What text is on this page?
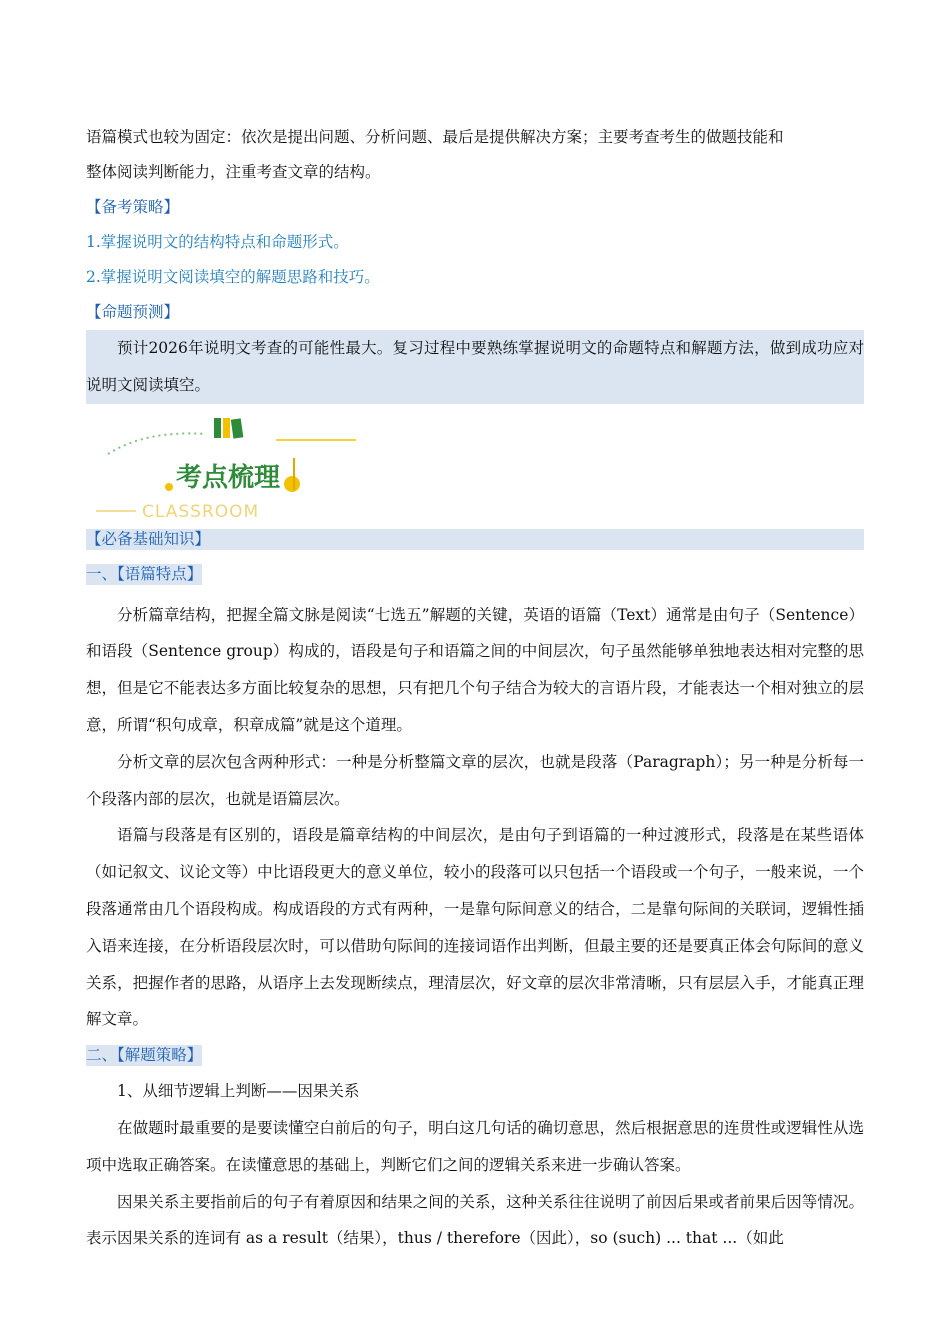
语篇模式也较为固定：依次是提出问题、分析问题、最后是提供解决方案；主要考查考生的做题技能和
整体阅读判断能力，注重考查文章的结构。
【备考策略】
1.掌握说明文的结构特点和命题形式。
2.掌握说明文阅读填空的解题思路和技巧。
【命题预测】

预计2026年说明文考查的可能性最大。复习过程中要熟练掌握说明文的命题特点和解题方法，做到成功应对说明文阅读填空。

考点梳理
CLASSROOM
【必备基础知识】
一、【语篇特点】

分析篇章结构，把握全篇文脉是阅读“七选五”解题的关键，英语的语篇（Text）通常是由句子（Sentence）和语段（Sentence group）构成的，语段是句子和语篇之间的中间层次，句子虽然能够单独地表达相对完整的思想，但是它不能表达多方面比较复杂的思想，只有把几个句子结合为较大的言语片段，才能表达一个相对独立的层意，所谓“积句成章，积章成篇”就是这个道理。

分析文章的层次包含两种形式：一种是分析整篇文章的层次，也就是段落（Paragraph）；另一种是分析每一个段落内部的层次，也就是语篇层次。

语篇与段落是有区别的，语段是篇章结构的中间层次，是由句子到语篇的一种过渡形式，段落是在某些语体（如记叙文、议论文等）中比语段更大的意义单位，较小的段落可以只包括一个语段或一个句子，一般来说，一个段落通常由几个语段构成。构成语段的方式有两种，一是靠句际间意义的结合，二是靠句际间的关联词，逻辑性插入语来连接，在分析语段层次时，可以借助句际间的连接词语作出判断，但最主要的还是要真正体会句际间的意义关系，把握作者的思路，从语序上去发现断续点，理清层次，好文章的层次非常清晰，只有层层入手，才能真正理解文章。

二、【解题策略】

1、从细节逻辑上判断——因果关系

在做题时最重要的是要读懂空白前后的句子，明白这几句话的确切意思，然后根据意思的连贯性或逻辑性从选项中选取正确答案。在读懂意思的基础上，判断它们之间的逻辑关系来进一步确认答案。

因果关系主要指前后的句子有着原因和结果之间的关系，这种关系往往说明了前因后果或者前果后因等情况。表示因果关系的连词有 as a result（结果），thus / therefore（因此），so (such) ... that ...（如此
